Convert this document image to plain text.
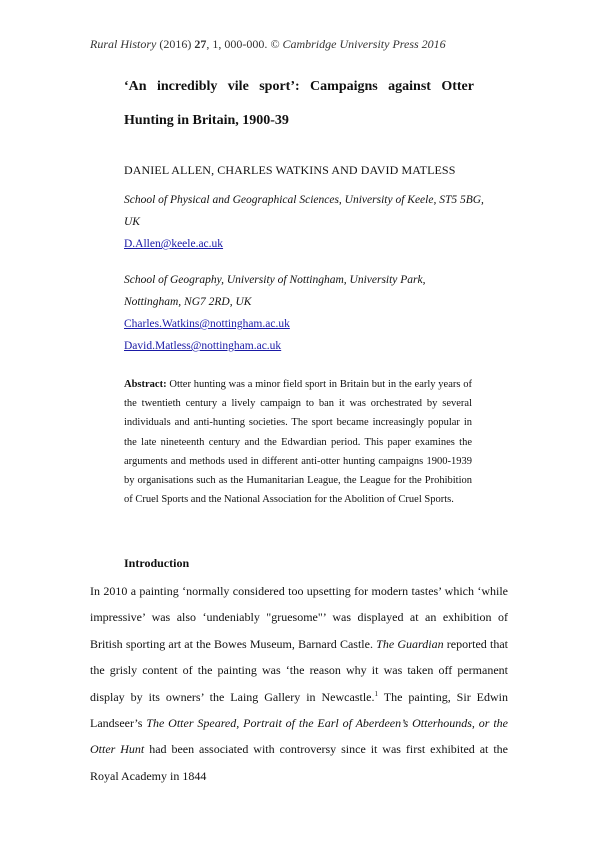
Rural History (2016) 27, 1, 000-000. © Cambridge University Press 2016
‘An incredibly vile sport’: Campaigns against Otter
Hunting in Britain, 1900-39
DANIEL ALLEN, CHARLES WATKINS AND DAVID MATLESS
School of Physical and Geographical Sciences, University of Keele, ST5 5BG, UK
D.Allen@keele.ac.uk
School of Geography, University of Nottingham, University Park, Nottingham, NG7 2RD, UK
Charles.Watkins@nottingham.ac.uk
David.Matless@nottingham.ac.uk
Abstract: Otter hunting was a minor field sport in Britain but in the early years of the twentieth century a lively campaign to ban it was orchestrated by several individuals and anti-hunting societies. The sport became increasingly popular in the late nineteenth century and the Edwardian period. This paper examines the arguments and methods used in different anti-otter hunting campaigns 1900-1939 by organisations such as the Humanitarian League, the League for the Prohibition of Cruel Sports and the National Association for the Abolition of Cruel Sports.
Introduction
In 2010 a painting ‘normally considered too upsetting for modern tastes’ which ‘while impressive’ was also ‘undeniably "gruesome"’ was displayed at an exhibition of British sporting art at the Bowes Museum, Barnard Castle. The Guardian reported that the grisly content of the painting was ‘the reason why it was taken off permanent display by its owners’ the Laing Gallery in Newcastle.$^1$ The painting, Sir Edwin Landseer’s The Otter Speared, Portrait of the Earl of Aberdeen’s Otterhounds, or the Otter Hunt had been associated with controversy since it was first exhibited at the Royal Academy in 1844
